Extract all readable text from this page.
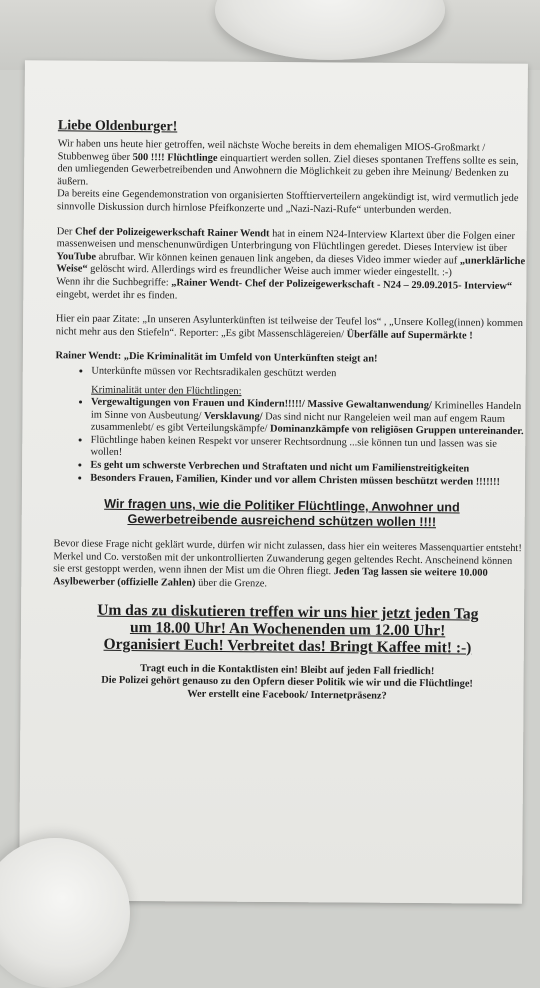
Liebe Oldenburger!

Wir haben uns heute hier getroffen, weil nächste Woche bereits in dem ehemaligen MIOS-Großmarkt / Stubbenweg über 500 !!!! Flüchtlinge einquartiert werden sollen. Ziel dieses spontanen Treffens sollte es sein, den umliegenden Gewerbetreibenden und Anwohnern die Möglichkeit zu geben ihre Meinung/ Bedenken zu äußern.
Da bereits eine Gegendemonstration von organisierten Stofftierverteilern angekündigt ist, wird vermutlich jede sinnvolle Diskussion durch hirnlose Pfeifkonzerte und „Nazi-Nazi-Rufe“ unterbunden werden.

Der Chef der Polizeigewerkschaft Rainer Wendt hat in einem N24-Interview Klartext über die Folgen einer massenweisen und menschenunwürdigen Unterbringung von Flüchtlingen geredet. Dieses Interview ist über YouTube abrufbar. Wir können keinen genauen link angeben, da dieses Video immer wieder auf „unerklärliche Weise“ gelöscht wird. Allerdings wird es freundlicher Weise auch immer wieder eingestellt. :-)
Wenn ihr die Suchbegriffe: „Rainer Wendt- Chef der Polizeigewerkschaft - N24 – 29.09.2015- Interview“ eingebt, werdet ihr es finden.

Hier ein paar Zitate: „In unseren Asylunterkünften ist teilweise der Teufel los“ , „Unsere Kolleg(innen) kommen nicht mehr aus den Stiefeln“. Reporter: „Es gibt Massenschlägereien/ Überfälle auf Supermärkte !

Rainer Wendt: „Die Kriminalität im Umfeld von Unterkünften steigt an!
• Unterkünfte müssen vor Rechtsradikalen geschützt werden
Kriminalität unter den Flüchtlingen:
• Vergewaltigungen von Frauen und Kindern!!!!!/ Massive Gewaltanwendung/ Kriminelles Handeln im Sinne von Ausbeutung/ Versklavung/ Das sind nicht nur Rangeleien weil man auf engem Raum zusammenlebt/ es gibt Verteilungskämpfe/ Dominanzkämpfe von religiösen Gruppen untereinander.
• Flüchtlinge haben keinen Respekt vor unserer Rechtsordnung ...sie können tun und lassen was sie wollen!
• Es geht um schwerste Verbrechen und Straftaten und nicht um Familienstreitigkeiten
• Besonders Frauen, Familien, Kinder und vor allem Christen müssen beschützt werden !!!!!!!
Wir fragen uns, wie die Politiker Flüchtlinge, Anwohner und Gewerbetreibende ausreichend schützen wollen !!!!

Bevor diese Frage nicht geklärt wurde, dürfen wir nicht zulassen, dass hier ein weiteres Massenquartier entsteht! Merkel und Co. verstoßen mit der unkontrollierten Zuwanderung gegen geltendes Recht. Anscheinend können sie erst gestoppt werden, wenn ihnen der Mist um die Ohren fliegt. Jeden Tag lassen sie weitere 10.000 Asylbewerber (offizielle Zahlen) über die Grenze.

Um das zu diskutieren treffen wir uns hier jetzt jeden Tag
um 18.00 Uhr! An Wochenenden um 12.00 Uhr!
Organisiert Euch! Verbreitet das! Bringt Kaffee mit! :-)
Tragt euch in die Kontaktlisten ein! Bleibt auf jeden Fall friedlich!
Die Polizei gehört genauso zu den Opfern dieser Politik wie wir und die Flüchtlinge!
Wer erstellt eine Facebook/ Internetpräsenz?
